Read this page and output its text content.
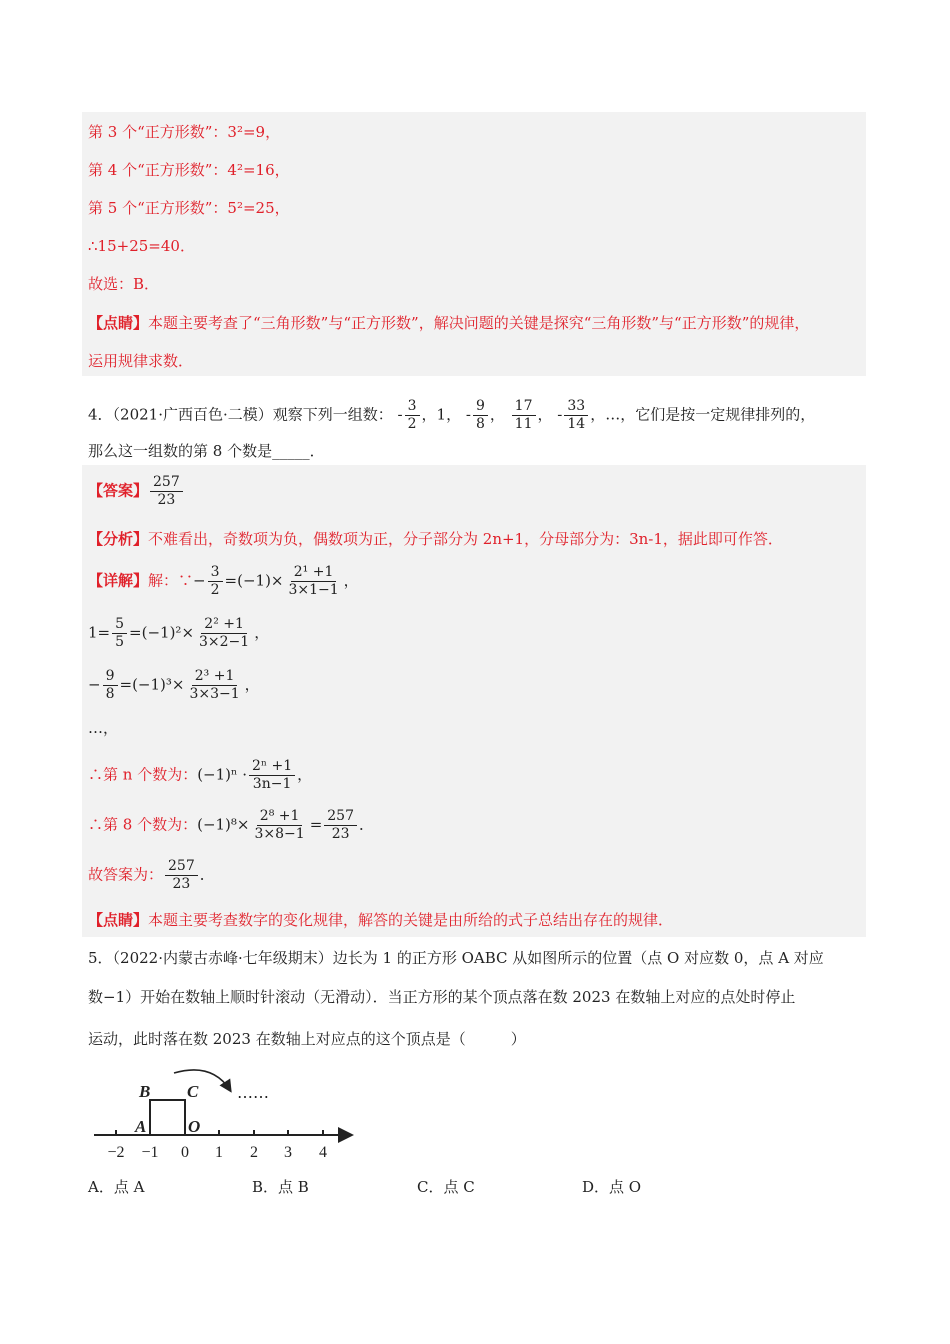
第 3 个“正方形数”：3²=9，
第 4 个“正方形数”：4²=16，
第 5 个“正方形数”：5²=25，
∴15+25=40．
故选：B．
【点睛】本题主要考查了“三角形数”与“正方形数”，解决问题的关键是探究“三角形数”与“正方形数”的规律，
运用规律求数．
4．（2021·广西百色·二模）观察下列一组数： - $\frac{3}{2}$ ，1， - $\frac{9}{8}$ ， $\frac{17}{11}$ ， - $\frac{33}{14}$ ，…，它们是按一定规律排列的，
那么这一组数的第 8 个数是_____．
【答案】 $\frac{257}{23}$
【分析】不难看出，奇数项为负，偶数项为正，分子部分为 2n+1，分母部分为：3n-1，据此即可作答．
【详解】解：∵− $\frac{3}{2} =(-1)\times \frac{\text{2¹ +1}}{3\times 1-1}$ ，
$1= \frac{5}{5} =(-1)^2\times \frac{\text{2² +1}}{3\times 2-1}$ ，
− $\frac{9}{8} =(-1)^3\times \frac{\text{2³ +1}}{3\times 3-1}$ ，
…，
∴第 n 个数为：$(-1)^n \cdot \frac{\text{2ⁿ +1}}{3n-1}$ ，
∴第 8 个数为：$(-1)^8\times \frac{\text{2⁸ +1}}{3\times 8-1} = \frac{257}{23}$ ．
故答案为： $\frac{257}{23}$ ．
【点睛】本题主要考查数字的变化规律，解答的关键是由所给的式子总结出存在的规律．
5．（2022·内蒙古赤峰·七年级期末）边长为 1 的正方形 OABC 从如图所示的位置（点 O 对应数 0，点 A 对应
数−1）开始在数轴上顺时针滚动（无滑动）．当正方形的某个顶点落在数 2023 在数轴上对应的点处时停止
运动，此时落在数 2023 在数轴上对应点的这个顶点是（　　　）
B C
A O
……
−2 −1 0 1 2 3 4
A．点 A	B．点 B	C．点 C	D．点 O
